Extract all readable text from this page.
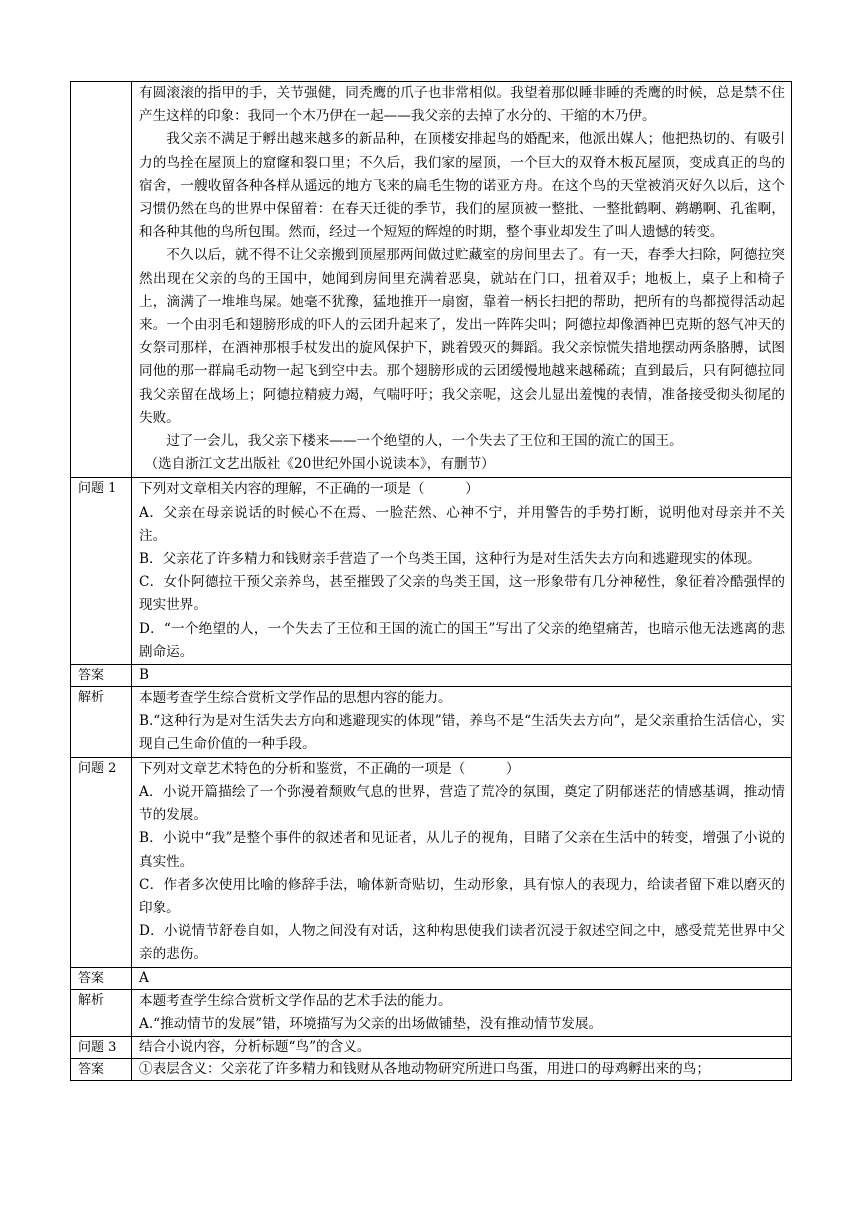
	有圆滚滚的指甲的手，关节强健，同秃鹰的爪子也非常相似。我望着那似睡非睡的秃鹰的时候，总是禁不住产生这样的印象：我同一个木乃伊在一起——我父亲的去掉了水分的、干缩的木乃伊。

我父亲不满足于孵出越来越多的新品种，在顶楼安排起鸟的婚配来，他派出媒人；他把热切的、有吸引力的鸟拴在屋顶上的窟窿和裂口里；不久后，我们家的屋顶，一个巨大的双脊木板瓦屋顶，变成真正的鸟的宿舍，一艘收留各种各样从遥远的地方飞来的扁毛生物的诺亚方舟。在这个鸟的天堂被消灭好久以后，这个习惯仍然在鸟的世界中保留着：在春天迁徙的季节，我们的屋顶被一整批、一整批鹤啊、鹈鹕啊、孔雀啊，和各种其他的鸟所包围。然而，经过一个短短的辉煌的时期，整个事业却发生了叫人遗憾的转变。

不久以后，就不得不让父亲搬到顶屋那两间做过贮藏室的房间里去了。有一天，春季大扫除，阿德拉突然出现在父亲的鸟的王国中，她闻到房间里充满着恶臭，就站在门口，扭着双手；地板上，桌子上和椅子上，滴满了一堆堆鸟屎。她毫不犹豫，猛地推开一扇窗，靠着一柄长扫把的帮助，把所有的鸟都搅得活动起来。一个由羽毛和翅膀形成的吓人的云团升起来了，发出一阵阵尖叫；阿德拉却像酒神巴克斯的怒气冲天的女祭司那样，在酒神那根手杖发出的旋风保护下，跳着毁灭的舞蹈。我父亲惊慌失措地摆动两条胳膊，试图同他的那一群扁毛动物一起飞到空中去。那个翅膀形成的云团缓慢地越来越稀疏；直到最后，只有阿德拉同我父亲留在战场上；阿德拉精疲力竭，气喘吁吁；我父亲呢，这会儿显出羞愧的表情，准备接受彻头彻尾的失败。

过了一会儿，我父亲下楼来——一个绝望的人，一个失去了王位和王国的流亡的国王。

（选自浙江文艺出版社《20世纪外国小说读本》，有删节）

问题 1	下列对文章相关内容的理解，不正确的一项是（　　　）

A．父亲在母亲说话的时候心不在焉、一脸茫然、心神不宁，并用警告的手势打断，说明他对母亲并不关注。

B．父亲花了许多精力和钱财亲手营造了一个鸟类王国，这种行为是对生活失去方向和逃避现实的体现。

C．女仆阿德拉干预父亲养鸟，甚至摧毁了父亲的鸟类王国，这一形象带有几分神秘性，象征着冷酷强悍的现实世界。

D．“一个绝望的人，一个失去了王位和王国的流亡的国王”写出了父亲的绝望痛苦，也暗示他无法逃离的悲剧命运。

答案	B
解析	本题考查学生综合赏析文学作品的思想内容的能力。

B.“这种行为是对生活失去方向和逃避现实的体现”错，养鸟不是“生活失去方向”，是父亲重拾生活信心，实现自己生命价值的一种手段。

问题 2	下列对文章艺术特色的分析和鉴赏，不正确的一项是（　　　）

A．小说开篇描绘了一个弥漫着颓败气息的世界，营造了荒冷的氛围，奠定了阴郁迷茫的情感基调，推动情节的发展。

B．小说中“我”是整个事件的叙述者和见证者，从儿子的视角，目睹了父亲在生活中的转变，增强了小说的真实性。

C．作者多次使用比喻的修辞手法，喻体新奇贴切，生动形象，具有惊人的表现力，给读者留下难以磨灭的印象。

D．小说情节舒卷自如，人物之间没有对话，这种构思使我们读者沉浸于叙述空间之中，感受荒芜世界中父亲的悲伤。

答案	A
解析	本题考查学生综合赏析文学作品的艺术手法的能力。

A.“推动情节的发展”错，环境描写为父亲的出场做铺垫，没有推动情节发展。

问题 3	结合小说内容，分析标题“鸟”的含义。
答案	①表层含义：父亲花了许多精力和钱财从各地动物研究所进口鸟蛋，用进口的母鸡孵出来的鸟；
